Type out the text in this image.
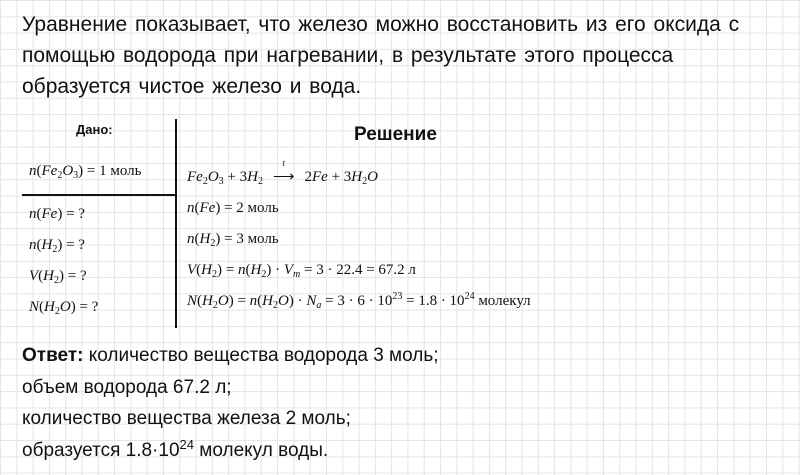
Уравнение показывает, что железо можно восстановить из его оксида с
помощью водорода при нагревании, в результате этого процесса
образуется чистое железо и вода.
Дано:	Решение
$n(Fe_2O_3) = 1$ моль
n(Fe) = ?
$n(H_2)$ = ?
$V(H_2)$ = ?
$N(H_2O)$ = ?
$Fe_2O_3 + 3H_2$
t
⟶ $2Fe + 3H_2O$
n(Fe) = 2 моль
$n(H_2) = 3$ моль
$V(H_2) = n(H_2) \cdot V_m = 3 \cdot 22.4 = 67.2$ л
$N(H_2O) = n(H_2O) \cdot N_a = 3 \cdot 6 \cdot 10^{23} = 1.8 \cdot 10^{24}$ молекул
Ответ: количество вещества водорода 3 моль;
объем водорода 67.2 л;
количество вещества железа 2 моль;
образуется $1.8\cdot 10^{24}$ молекул воды.
